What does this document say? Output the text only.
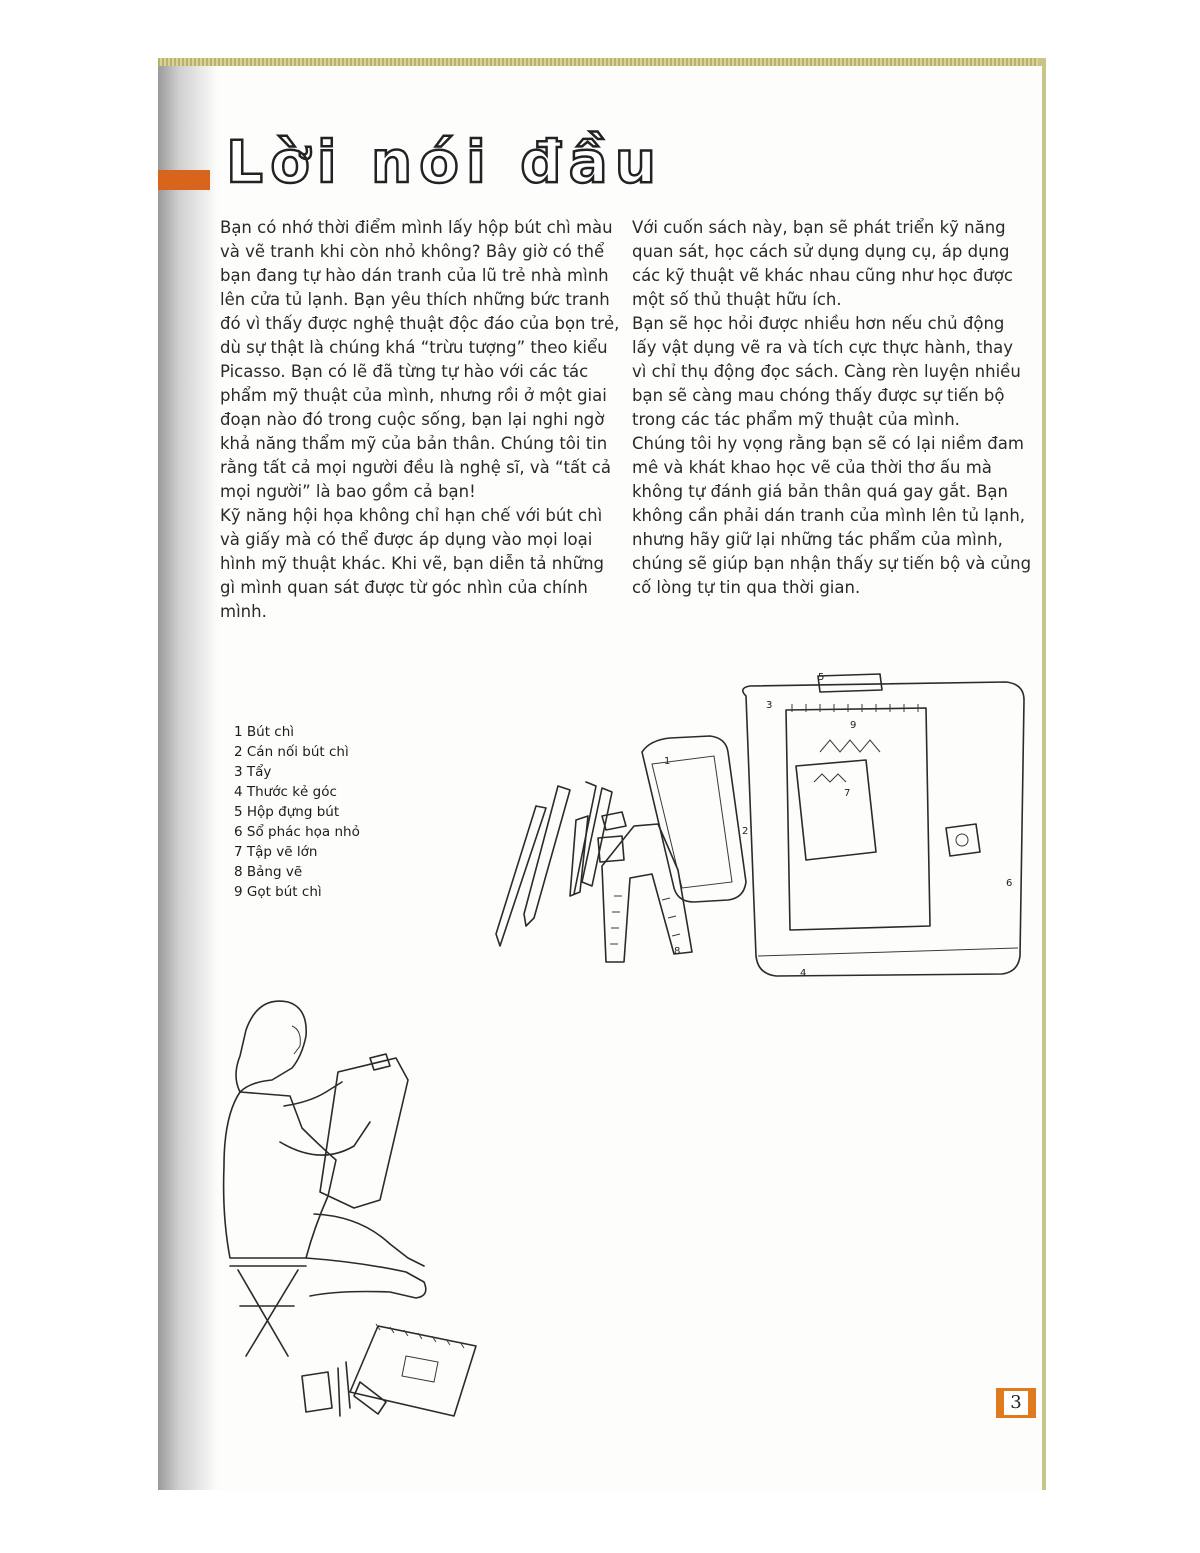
Lời nói đầu

Bạn có nhớ thời điểm mình lấy hộp bút chì màu và vẽ tranh khi còn nhỏ không? Bây giờ có thể bạn đang tự hào dán tranh của lũ trẻ nhà mình lên cửa tủ lạnh. Bạn yêu thích những bức tranh đó vì thấy được nghệ thuật độc đáo của bọn trẻ, dù sự thật là chúng khá “trừu tượng” theo kiểu Picasso. Bạn có lẽ đã từng tự hào với các tác phẩm mỹ thuật của mình, nhưng rồi ở một giai đoạn nào đó trong cuộc sống, bạn lại nghi ngờ khả năng thẩm mỹ của bản thân. Chúng tôi tin rằng tất cả mọi người đều là nghệ sĩ, và “tất cả mọi người” là bao gồm cả bạn!

Kỹ năng hội họa không chỉ hạn chế với bút chì và giấy mà có thể được áp dụng vào mọi loại hình mỹ thuật khác. Khi vẽ, bạn diễn tả những gì mình quan sát được từ góc nhìn của chính mình.

Với cuốn sách này, bạn sẽ phát triển kỹ năng quan sát, học cách sử dụng dụng cụ, áp dụng các kỹ thuật vẽ khác nhau cũng như học được một số thủ thuật hữu ích.

Bạn sẽ học hỏi được nhiều hơn nếu chủ động lấy vật dụng vẽ ra và tích cực thực hành, thay vì chỉ thụ động đọc sách. Càng rèn luyện nhiều bạn sẽ càng mau chóng thấy được sự tiến bộ trong các tác phẩm mỹ thuật của mình.

Chúng tôi hy vọng rằng bạn sẽ có lại niềm đam mê và khát khao học vẽ của thời thơ ấu mà không tự đánh giá bản thân quá gay gắt. Bạn không cần phải dán tranh của mình lên tủ lạnh, nhưng hãy giữ lại những tác phẩm của mình, chúng sẽ giúp bạn nhận thấy sự tiến bộ và củng cố lòng tự tin qua thời gian.

1 Bút chì
2 Cán nối bút chì
3 Tẩy
4 Thước kẻ góc
5 Hộp đựng bút
6 Sổ phác họa nhỏ
7 Tập vẽ lớn
8 Bảng vẽ
9 Gọt bút chì
1
2
3
4
5
6
7
8
9
3
